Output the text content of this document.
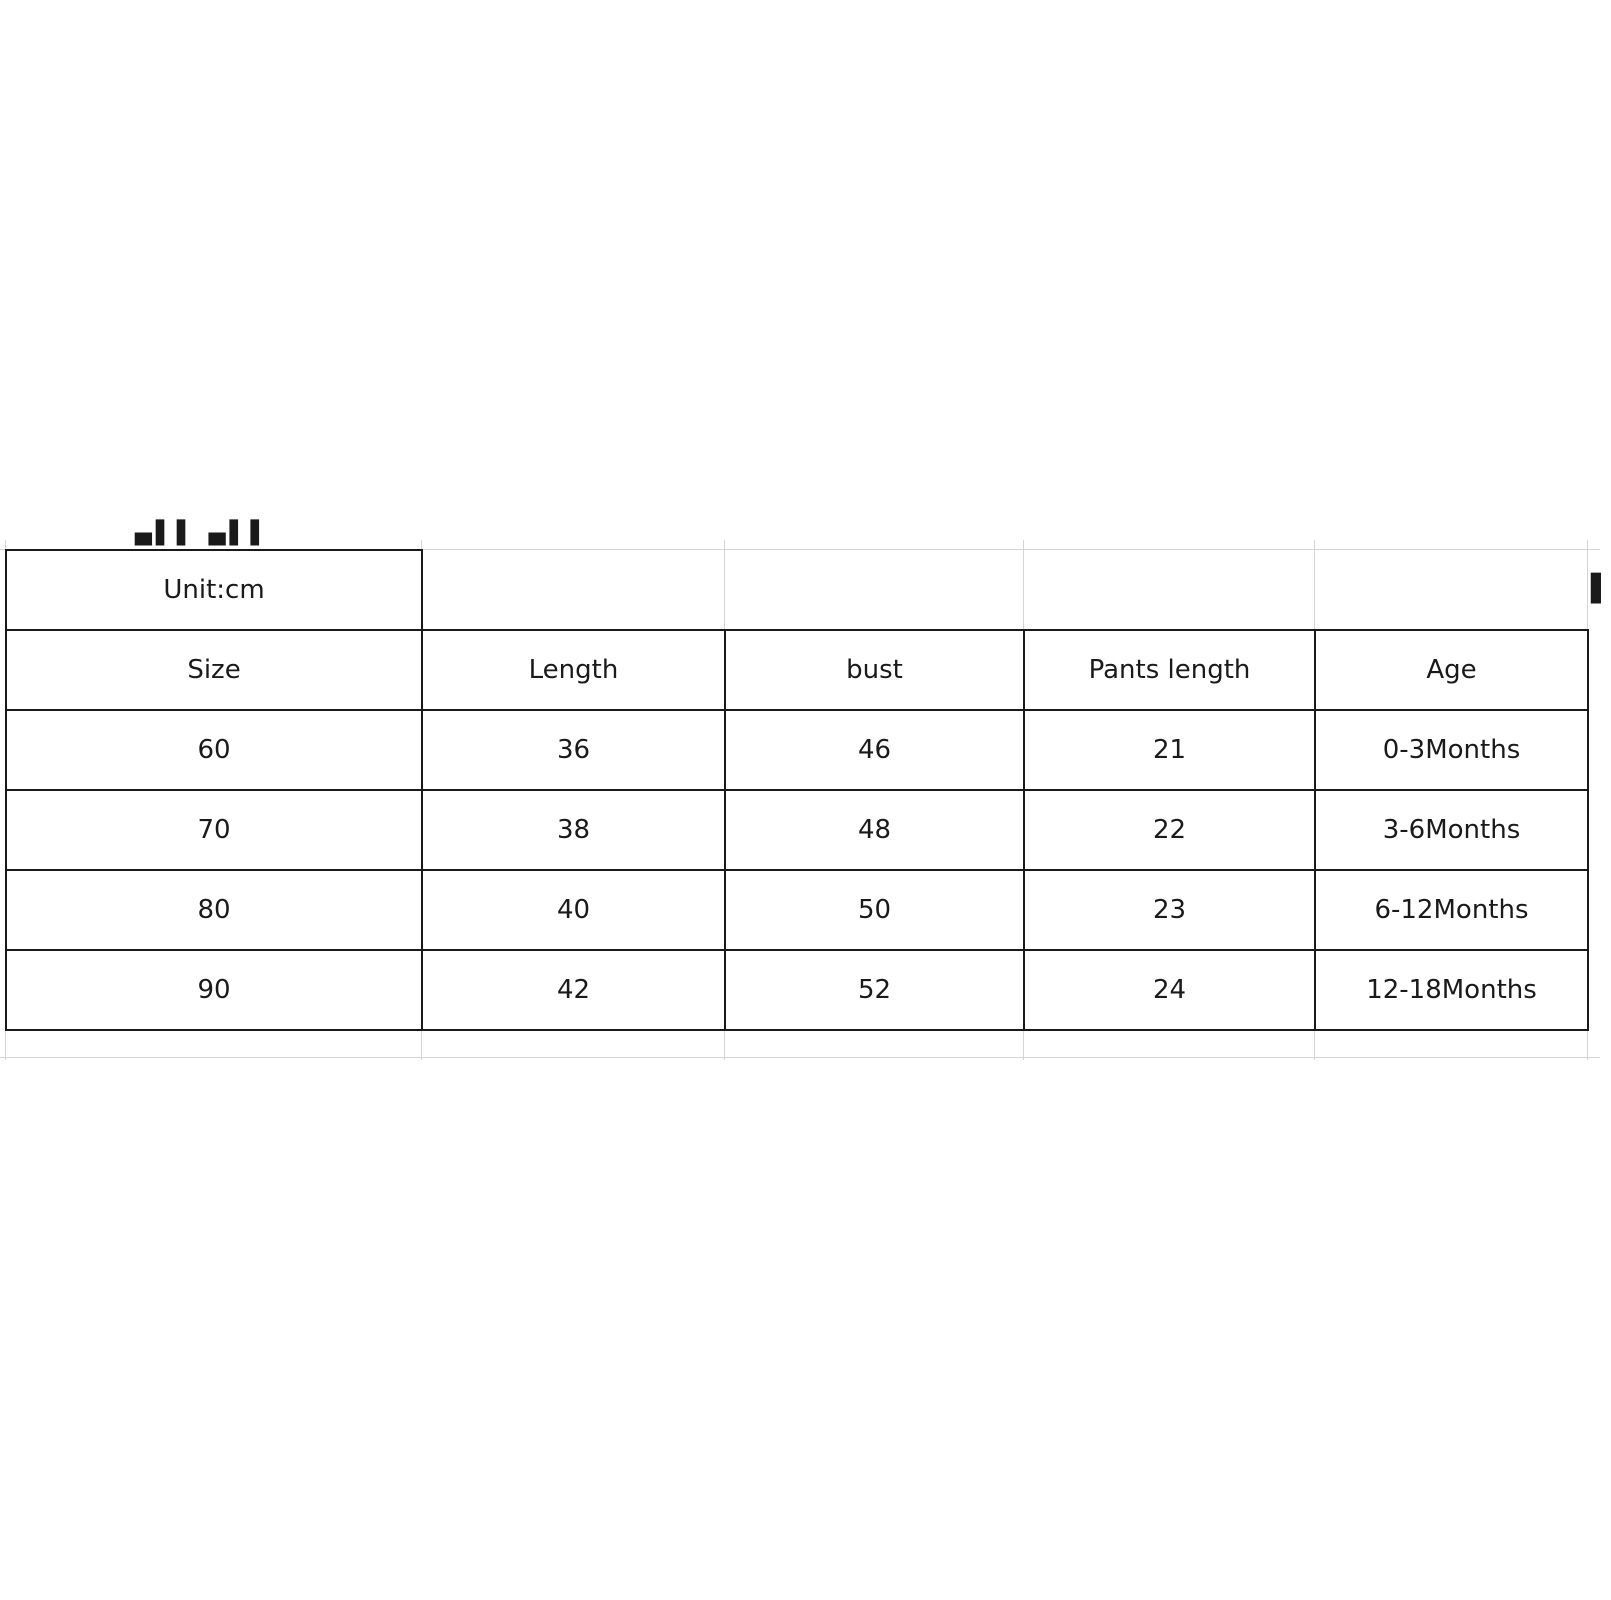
▄▌▌ ▄▌▌
▌
Unit:cm				
Size	Length	bust	Pants length	Age
60	36	46	21	0-3Months
70	38	48	22	3-6Months
80	40	50	23	6-12Months
90	42	52	24	12-18Months
